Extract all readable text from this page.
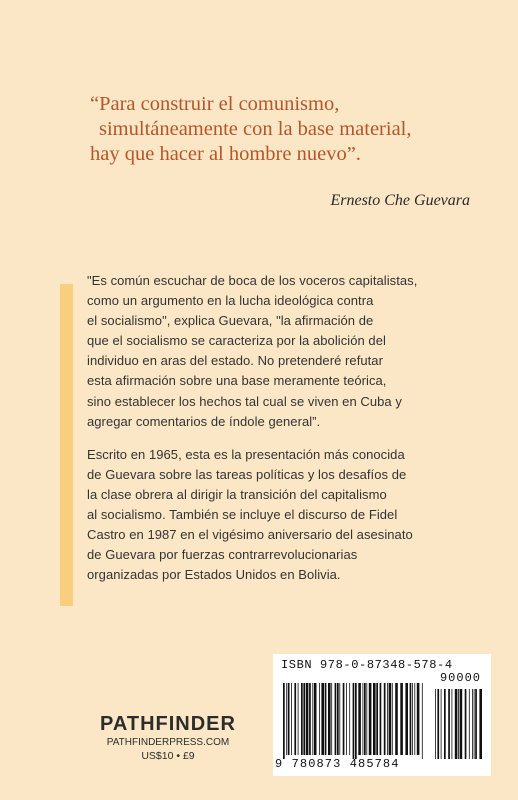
“Para construir el comunismo,
simultáneamente con la base material,
hay que hacer al hombre nuevo”.
Ernesto Che Guevara
"Es común escuchar de boca de los voceros capitalistas,
como un argumento en la lucha ideológica contra
el socialismo", explica Guevara, "la afirmación de
que el socialismo se caracteriza por la abolición del
individuo en aras del estado. No pretenderé refutar
esta afirmación sobre una base meramente teórica,
sino establecer los hechos tal cual se viven en Cuba y
agregar comentarios de índole general”.
Escrito en 1965, esta es la presentación más conocida
de Guevara sobre las tareas políticas y los desafíos de
la clase obrera al dirigir la transición del capitalismo
al socialismo. También se incluye el discurso de Fidel
Castro en 1987 en el vigésimo aniversario del asesinato
de Guevara por fuerzas contrarrevolucionarias
organizadas por Estados Unidos en Bolivia.
PATHFINDER
PATHFINDERPRESS.COM
US$10 • £9
ISBN 978-0-87348-578-4
90000
9 780873 485784
